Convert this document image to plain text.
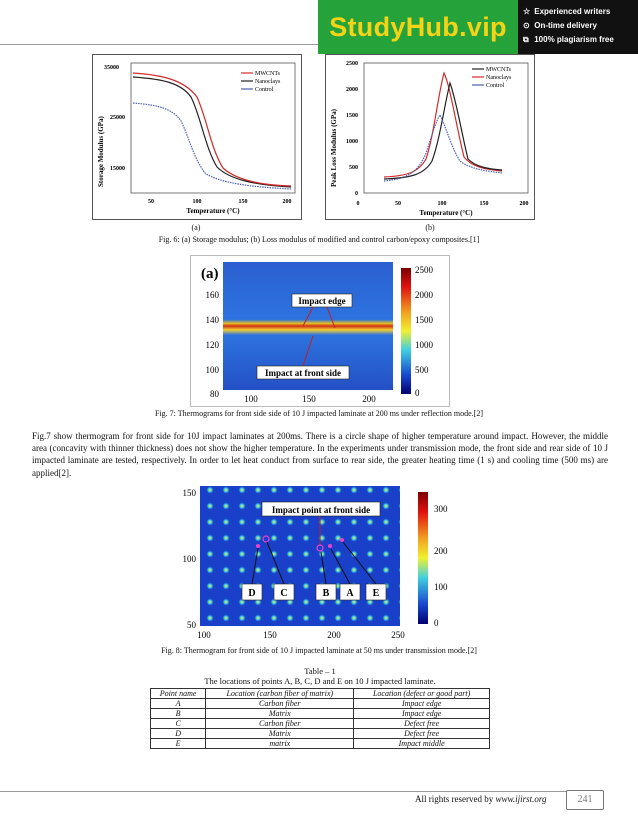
StudyHub.vip ☆ Experienced writers
⊙ On-time delivery
⧉ 100% plagiarism free
Storage Modulus (GPa)
35000
25000
15000
50	100	150	200
Temperature (°C)
MWCNTs
Nanoclays
Control
Peak Loss Modulus (GPa)
2500
2000
1500
1000
500
0
0	50	100	150	200
Temperature (°C)
MWCNTs
Nanoclays
Control
(a)	(b)
Fig. 6: (a) Storage modulus; (b) Loss modulus of modified and control carbon/epoxy composites.[1]
(a)
160
140
120
100
80	100	150	200
Impact edge
Impact at front side
2500
2000
1500
1000
500
0
Fig. 7: Thermograms for front side side of 10 J impacted laminate at 200 ms under reflection mode.[2]
Fig.7 show thermogram for front side for 10J impact laminates at 200ms. There is a circle shape of higher temperature around impact. However, the middle area (concavity with thinner thickness) does not show the higher temperature. In the experiments under transmission mode, the front side and rear side of 10 J impacted laminate are tested, respectively. In order to let heat conduct from surface to rear side, the greater heating time (1 s) and cooling time (500 ms) are applied[2].
150
100
50
100	150	200	250
Impact point at front side
D C	B A E
300
200
100
0
Fig. 8: Thermogram for front side of 10 J impacted laminate at 50 ms under transmission mode.[2]
Table – 1
The locations of points A, B, C, D and E on 10 J impacted laminate.
Point name	Location (carbon fiber of matrix)	Location (defect or good part)
A	Carbon fiber	Impact edge
B	Matrix	Impact edge
C	Carbon fiber	Defect free
D	Matrix	Defect free
E	matrix	Impact middle
All rights reserved by www.ijirst.org	241
